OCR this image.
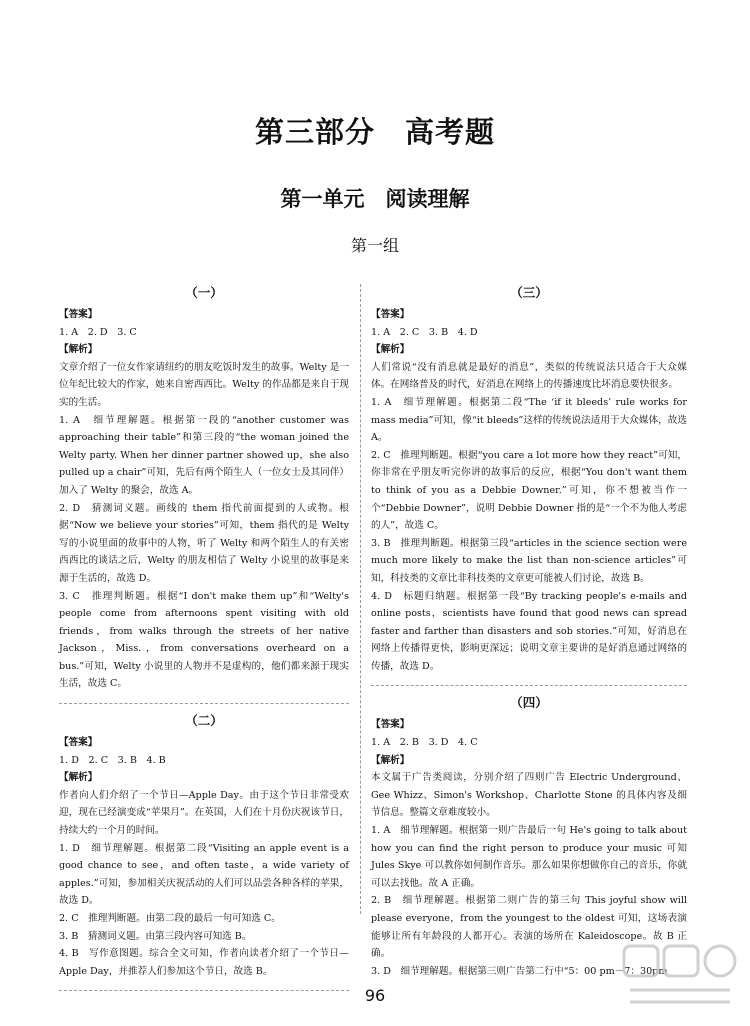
第三部分　高考题
第一单元　阅读理解
第一组
（一）
【答案】
1. A　2. D　3. C
【解析】

文章介绍了一位女作家请纽约的朋友吃饭时发生的故事。Welty 是一位年纪比较大的作家，她来自密西西比。Welty 的作品都是来自于现实的生活。

1. A　细节理解题。根据第一段的“another customer was approaching their table”和第三段的“the woman joined the Welty party. When her dinner partner showed up，she also pulled up a chair”可知，先后有两个陌生人（一位女士及其同伴）加入了 Welty 的聚会，故选 A。

2. D　猜测词义题。画线的 them 指代前面提到的人或物。根据“Now we believe your stories”可知，them 指代的是 Welty 写的小说里面的故事中的人物，听了 Welty 和两个陌生人的有关密西西比的谈话之后，Welty 的朋友相信了 Welty 小说里的故事是来源于生活的，故选 D。

3. C　推理判断题。根据“I don't make them up”和“Welty's people come from afternoons spent visiting with old friends，from walks through the streets of her native Jackson，Miss.，from conversations overheard on a bus.”可知，Welty 小说里的人物并不是虚构的，他们都来源于现实生活，故选 C。

（二）
【答案】
1. D　2. C　3. B　4. B
【解析】

作者向人们介绍了一个节日—Apple Day。由于这个节日非常受欢迎，现在已经演变成“苹果月”。在英国，人们在十月份庆祝该节日，持续大约一个月的时间。

1. D　细节理解题。根据第二段“Visiting an apple event is a good chance to see，and often taste，a wide variety of apples.”可知，参加相关庆祝活动的人们可以品尝各种各样的苹果，故选 D。

2. C　推理判断题。由第二段的最后一句可知选 C。

3. B　猜测词义题。由第三段内容可知选 B。

4. B　写作意图题。综合全文可知，作者向读者介绍了一个节日—Apple Day，并推荐人们参加这个节日，故选 B。

（三）
【答案】
1. A　2. C　3. B　4. D
【解析】

人们常说“没有消息就是最好的消息”，类似的传统说法只适合于大众媒体。在网络普及的时代，好消息在网络上的传播速度比坏消息要快很多。

1. A　细节理解题。根据第二段“The ‘if it bleeds’ rule works for mass media”可知，像“it bleeds”这样的传统说法适用于大众媒体，故选 A。

2. C　推理判断题。根据“you care a lot more how they react”可知，你非常在乎朋友听完你讲的故事后的反应，根据“You don't want them to think of you as a Debbie Downer.”可知，你不想被当作一个“Debbie Downer”，说明 Debbie Downer 指的是“一个不为他人考虑的人”，故选 C。

3. B　推理判断题。根据第三段“articles in the science section were much more likely to make the list than non-science articles”可知，科技类的文章比非科技类的文章更可能被人们讨论，故选 B。

4. D　标题归纳题。根据第一段“By tracking people's e-mails and online posts，scientists have found that good news can spread faster and farther than disasters and sob stories.”可知，好消息在网络上传播得更快，影响更深远；说明文章主要讲的是好消息通过网络的传播，故选 D。

（四）
【答案】
1. A　2. B　3. D　4. C
【解析】

本文属于广告类阅读，分别介绍了四则广告 Electric Underground、Gee Whizz、Simon's Workshop、Charlotte Stone 的具体内容及细节信息。整篇文章难度较小。

1. A　细节理解题。根据第一则广告最后一句 He's going to talk about how you can find the right person to produce your music 可知 Jules Skye 可以教你如何制作音乐。那么如果你想做你自己的音乐，你就可以去找他。故 A 正确。

2. B　细节理解题。根据第二则广告的第三句 This joyful show will please everyone，from the youngest to the oldest 可知，这场表演能够让所有年龄段的人都开心。表演的场所在 Kaleidoscope。故 B 正确。

3. D　细节理解题。根据第三则广告第二行中“5：00 pm－7：30pm

96
